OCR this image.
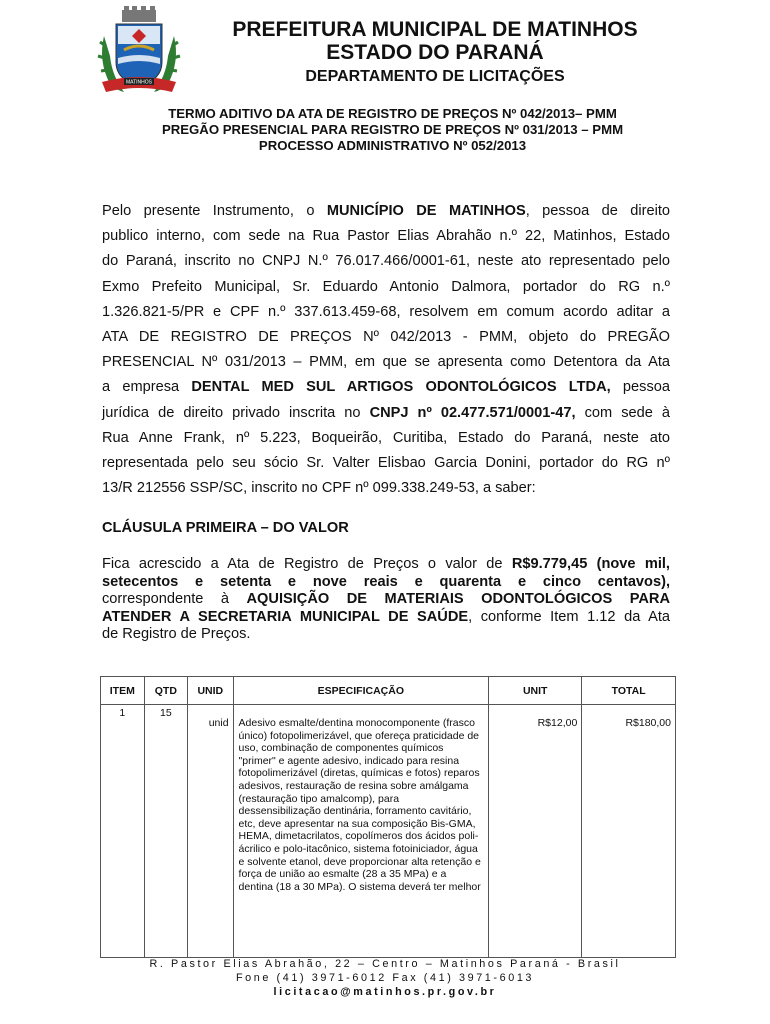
MATINHOS
PREFEITURA MUNICIPAL DE MATINHOS
ESTADO DO PARANÁ
DEPARTAMENTO DE LICITAÇÕES
TERMO ADITIVO DA ATA DE REGISTRO DE PREÇOS Nº 042/2013– PMM
PREGÃO PRESENCIAL PARA REGISTRO DE PREÇOS Nº 031/2013 – PMM
PROCESSO ADMINISTRATIVO Nº 052/2013
Pelo presente Instrumento, o MUNICÍPIO DE MATINHOS, pessoa de direito
publico interno, com sede na Rua Pastor Elias Abrahão n.º 22, Matinhos, Estado
do Paraná, inscrito no CNPJ N.º 76.017.466/0001-61, neste ato representado pelo
Exmo Prefeito Municipal, Sr. Eduardo Antonio Dalmora, portador do RG n.º
1.326.821-5/PR e CPF n.º 337.613.459-68, resolvem em comum acordo aditar a
ATA DE REGISTRO DE PREÇOS Nº 042/2013 - PMM, objeto do PREGÃO
PRESENCIAL Nº 031/2013 – PMM, em que se apresenta como Detentora da Ata
a empresa DENTAL MED SUL ARTIGOS ODONTOLÓGICOS LTDA, pessoa
jurídica de direito privado inscrita no CNPJ nº 02.477.571/0001-47, com sede à
Rua Anne Frank, nº 5.223, Boqueirão, Curitiba, Estado do Paraná, neste ato
representada pelo seu sócio Sr. Valter Elisbao Garcia Donini, portador do RG nº
13/R 212556 SSP/SC, inscrito no CPF nº 099.338.249-53, a saber:
CLÁUSULA PRIMEIRA – DO VALOR
Fica acrescido a Ata de Registro de Preços o valor de R$9.779,45 (nove mil,
setecentos e setenta e nove reais e quarenta e cinco centavos),
correspondente à AQUISIÇÃO DE MATERIAIS ODONTOLÓGICOS PARA
ATENDER A SECRETARIA MUNICIPAL DE SAÚDE, conforme Item 1.12 da Ata
de Registro de Preços.
ITEM	QTD	UNID	ESPECIFICAÇÃO	UNIT	TOTAL
1	15	unid	Adesivo esmalte/dentina monocomponente (frasco único) fotopolimerizável, que ofereça praticidade de uso, combinação de componentes químicos "primer" e agente adesivo, indicado para resina fotopolimerizável (diretas, químicas e fotos) reparos adesivos, restauração de resina sobre amálgama (restauração tipo amalcomp), para dessensibilização dentinária, forramento cavitário, etc, deve apresentar na sua composição Bis-GMA, HEMA, dimetacrilatos, copolímeros dos ácidos poli-ácrilico e polo-itacônico, sistema fotoiniciador, água e solvente etanol, deve proporcionar alta retenção e força de união ao esmalte (28 a 35 MPa) e a dentina (18 a 30 MPa). O sistema deverá ter melhor	R$12,00	R$180,00
R. Pastor Elias Abrahão, 22 – Centro – Matinhos Paraná - Brasil
Fone (41) 3971-6012 Fax (41) 3971-6013
licitacao@matinhos.pr.gov.br
